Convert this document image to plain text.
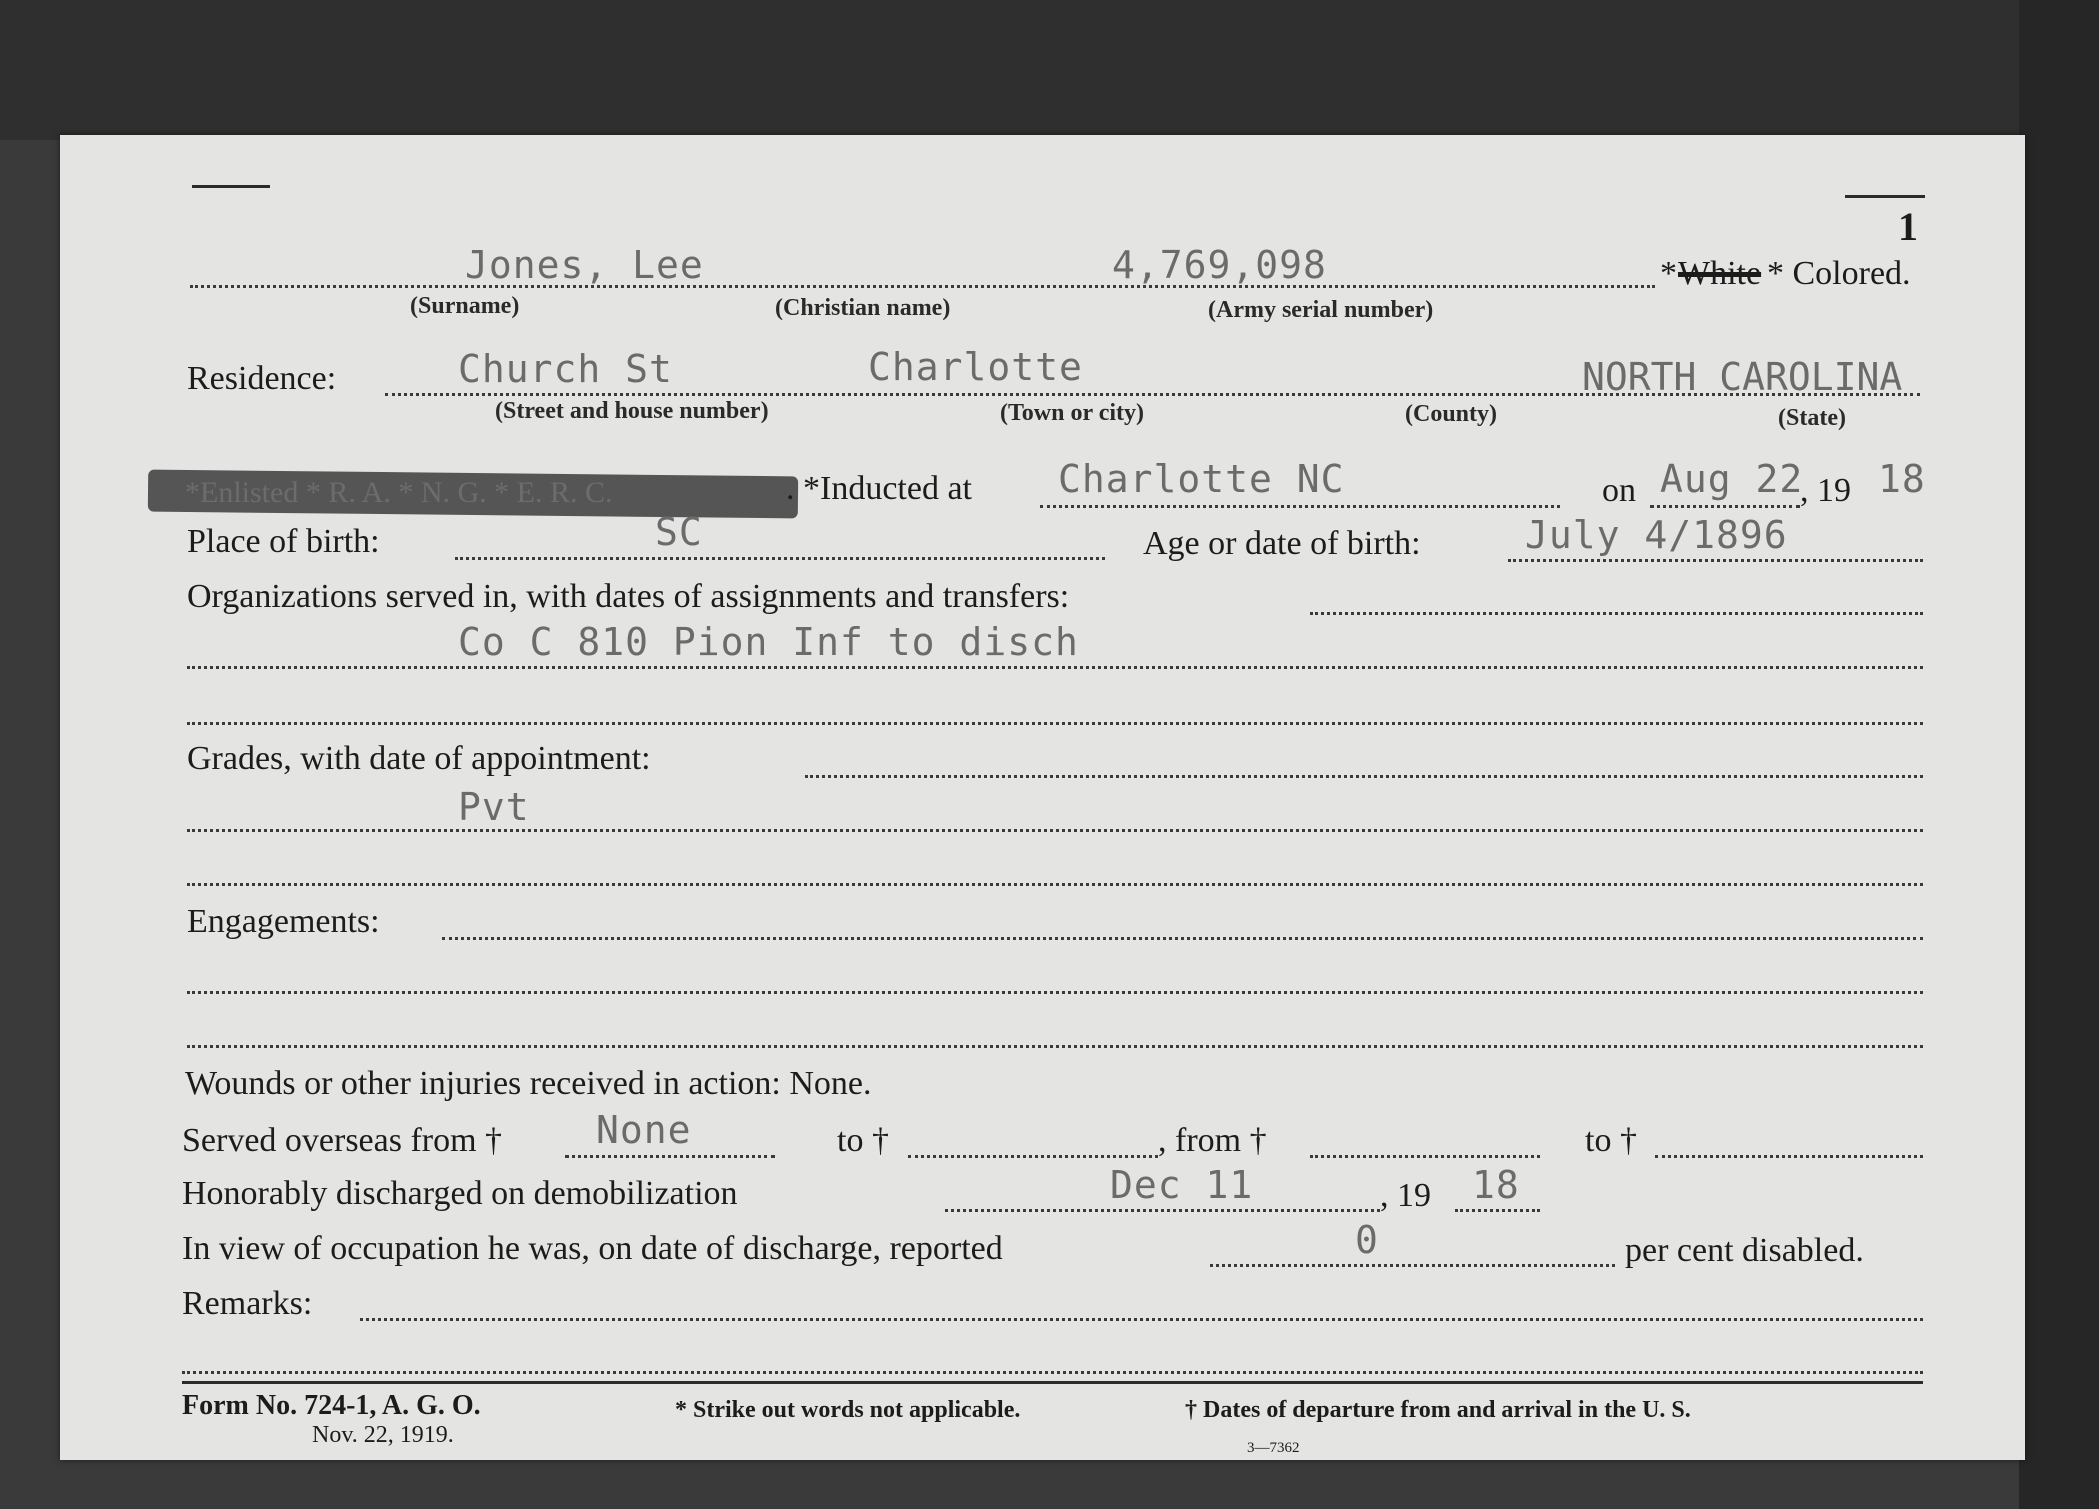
1
Jones, Lee	4,769,098	* White * Colored.
(Surname)	(Christian name)	(Army serial number)
Residence:	Church St	Charlotte	NORTH CAROLINA
(Street and house number)	(Town or city)	(County)	(State)
*Enlisted * R. A. * N. G. * E. R. C.	. *Inducted at Charlotte NC	on Aug 22
, 19 18
Place of birth:	SC	Age or date of birth:	July 4/1896
Organizations served in, with dates of assignments and transfers:
Co C 810 Pion Inf to disch
Grades, with date of appointment:
Pvt
Engagements:
Wounds or other injuries received in action: None.
Served overseas from † None	to †	, from †	to †
Honorably discharged on demobilization	Dec 11	, 19 18
In view of occupation he was, on date of discharge, reported	0	per cent disabled.
Remarks:
Form No. 724-1, A. G. O.
Nov. 22, 1919.
* Strike out words not applicable.	† Dates of departure from and arrival in the U. S.
3—7362
